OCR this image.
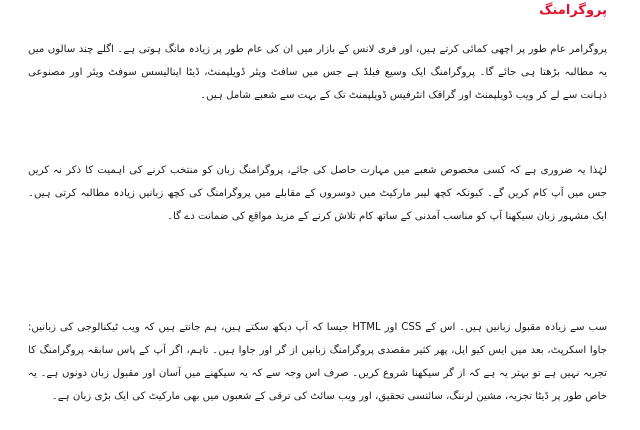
پروگرامنگ

پروگرامر عام طور پر اچھی کمائی کرتے ہیں، اور فری لانس کے بازار میں ان کی عام طور پر زیادہ مانگ ہوتی ہے۔ اگلے چند سالوں میں یہ مطالبہ بڑھتا ہی جائے گا۔ پروگرامنگ ایک وسیع فیلڈ ہے جس میں سافٹ ویئر ڈویلپمنٹ، ڈیٹا اینالیسس سوفٹ ویئر اور مصنوعی ذہانت سے لے کر ویب ڈویلپمنٹ اور گرافک انٹرفیس ڈویلپمنٹ تک کے بہت سے شعبے شامل ہیں۔

لہٰذا یہ ضروری ہے کہ کسی مخصوص شعبے میں مہارت حاصل کی جائے، پروگرامنگ زبان کو منتخب کرنے کی اہمیت کا ذکر نہ کریں جس میں آپ کام کریں گے۔ کیونکہ کچھ لیبر مارکیٹ میں دوسروں کے مقابلے میں پروگرامنگ کی کچھ زبانیں زیادہ مطالبہ کرتی ہیں۔ ایک مشہور زبان سیکھنا آپ کو مناسب آمدنی کے ساتھ کام تلاش کرنے کے مزید مواقع کی ضمانت دے گا۔

سب سے زیادہ مقبول زبانیں ہیں۔ اس کے CSS اور HTML جیسا کہ آپ دیکھ سکتے ہیں، ہم جانتے ہیں کہ ویب ٹیکنالوجی کی زبانیں: جاوا اسکرپٹ، بعد میں ایس کیو ایل، پھر کثیر مقصدی پروگرامنگ زبانیں از گر اور جاوا ہیں۔ تاہم، اگر آپ کے پاس سابقہ پروگرامنگ کا تجربہ نہیں ہے تو بہتر یہ ہے کہ از گر سیکھنا شروع کریں۔ صرف اس وجہ سے کہ یہ سیکھنے میں آسان اور مقبول زبان دونوں ہے۔ یہ خاص طور پر ڈیٹا تجزیہ، مشین لرننگ، سائنسی تحقیق، اور ویب سائٹ کی ترقی کے شعبوں میں بھی مارکیٹ کی ایک بڑی زبان ہے۔
